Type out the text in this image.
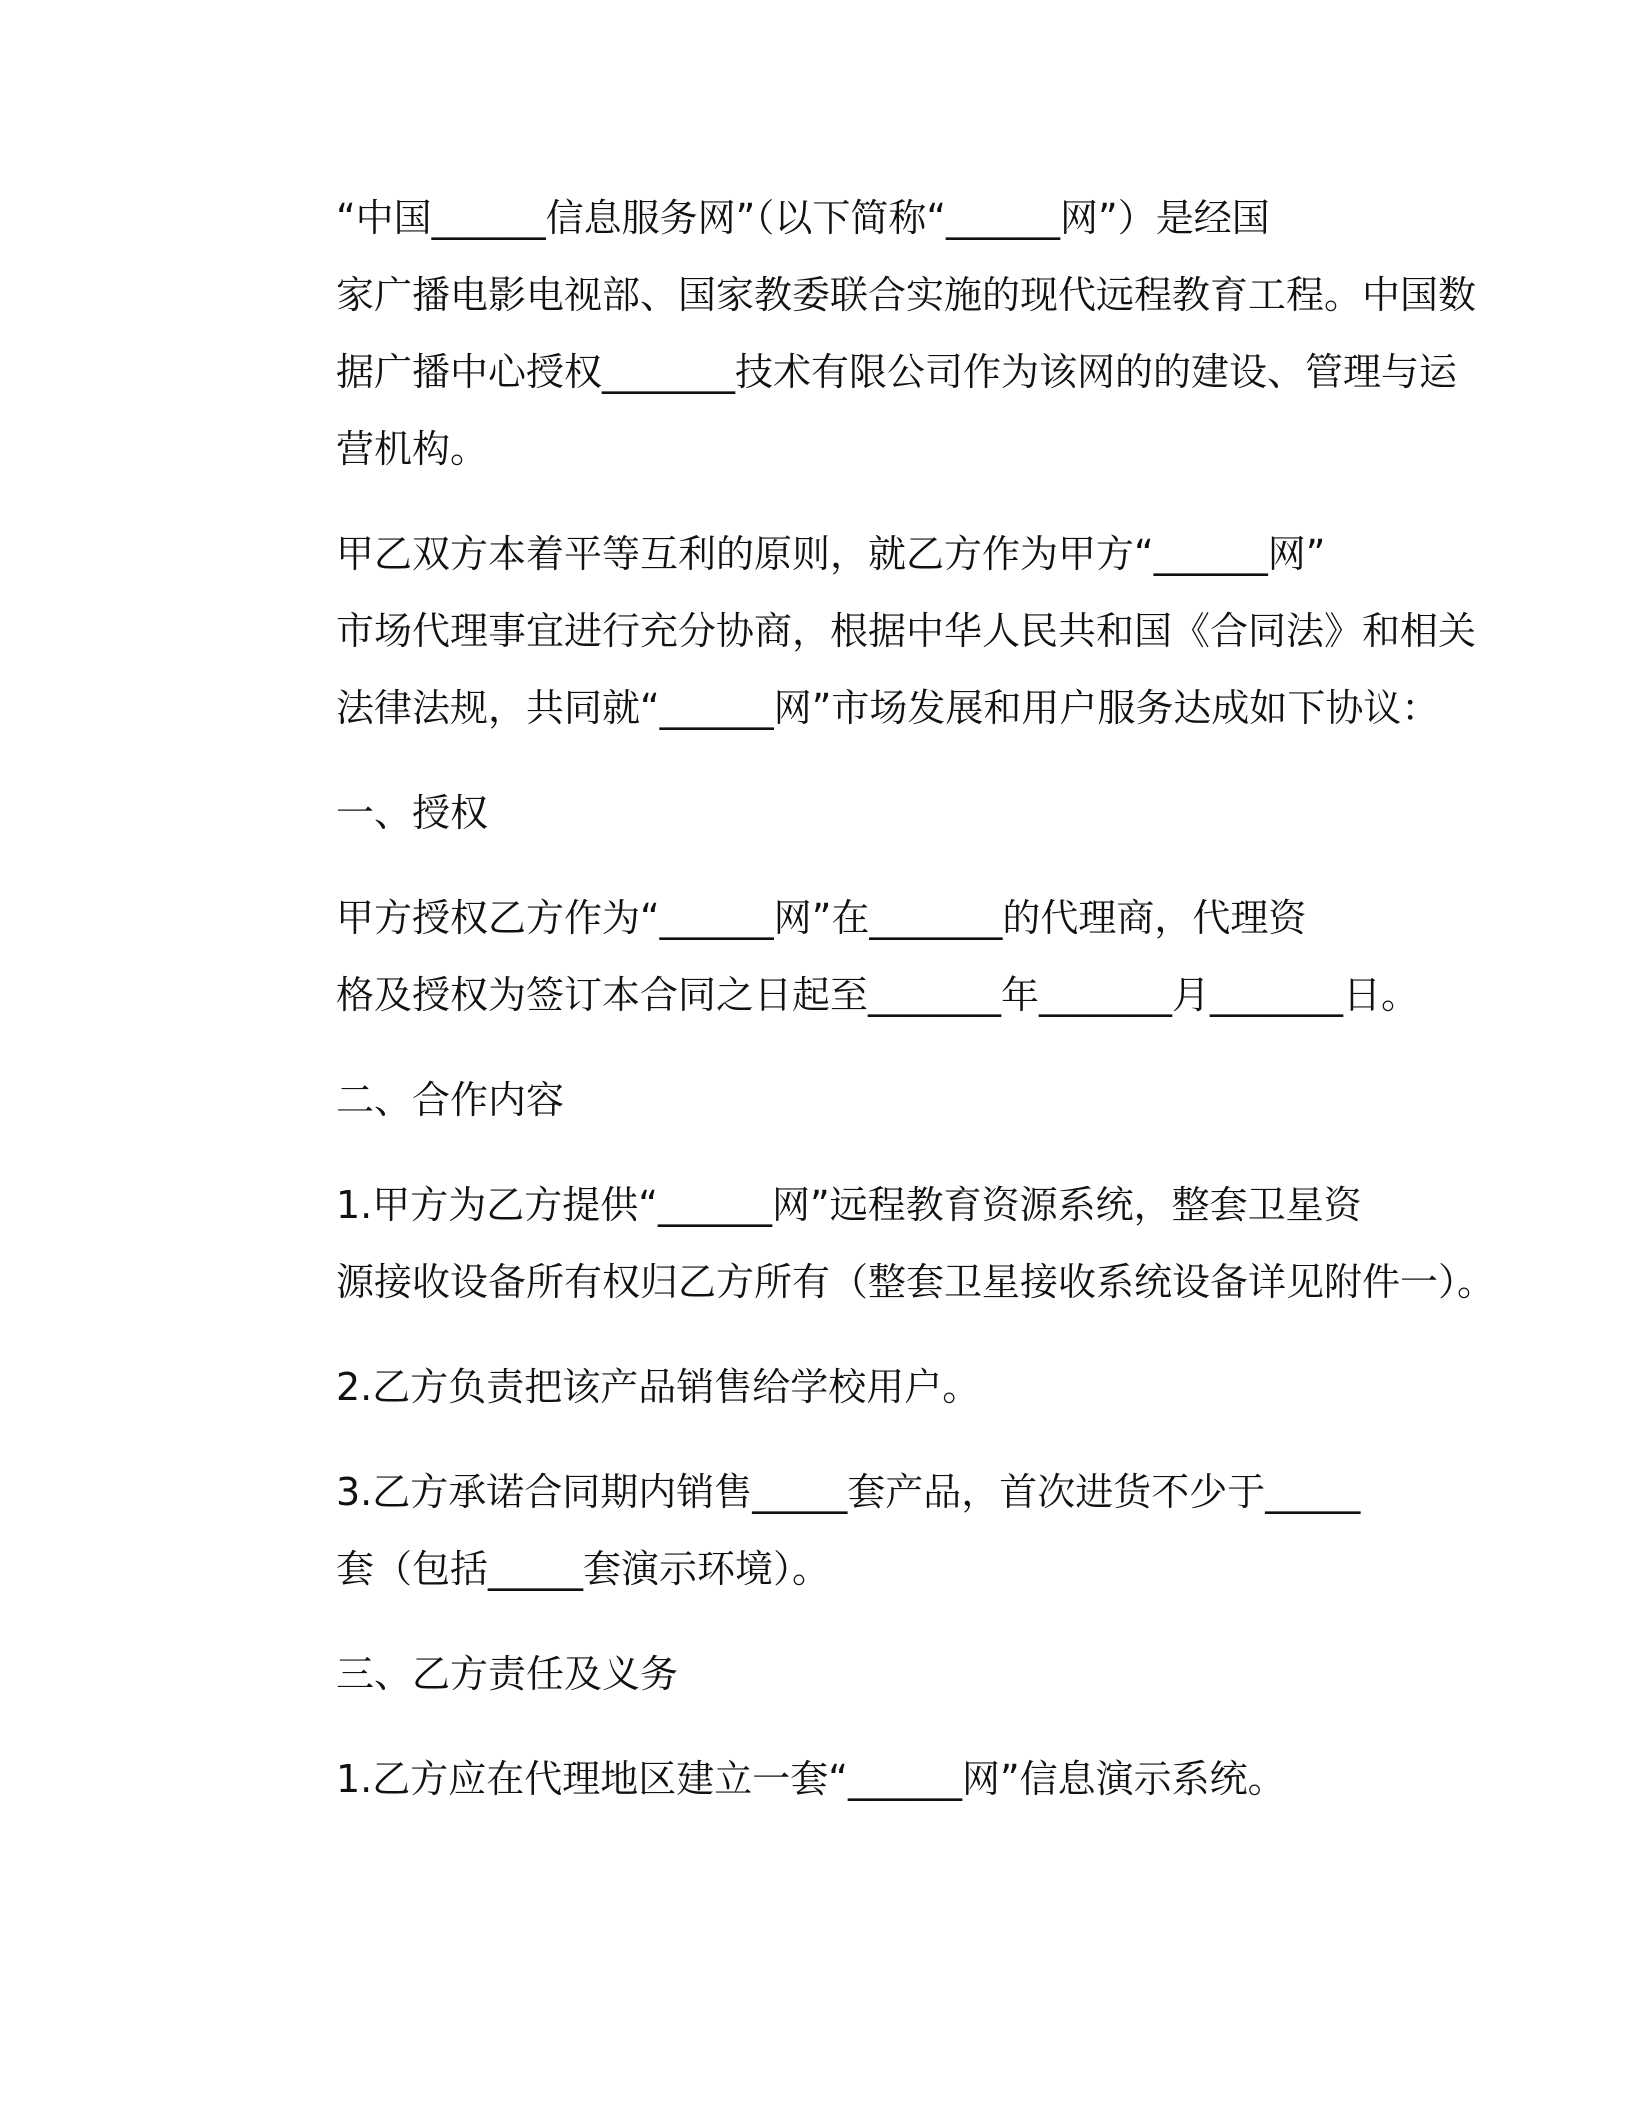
“中国______信息服务网”（以下简称“______网”）是经国
家广播电影电视部、国家教委联合实施的现代远程教育工程。中国数
据广播中心授权_______技术有限公司作为该网的的建设、管理与运
营机构。

甲乙双方本着平等互利的原则，就乙方作为甲方“______网”
市场代理事宜进行充分协商，根据中华人民共和国《合同法》和相关
法律法规，共同就“______网”市场发展和用户服务达成如下协议：

一、授权

甲方授权乙方作为“______网”在_______的代理商，代理资
格及授权为签订本合同之日起至_______年_______月_______日。

二、合作内容

1.甲方为乙方提供“______网”远程教育资源系统，整套卫星资
源接收设备所有权归乙方所有（整套卫星接收系统设备详见附件一）。

2.乙方负责把该产品销售给学校用户。

3.乙方承诺合同期内销售_____套产品，首次进货不少于_____
套（包括_____套演示环境）。

三、乙方责任及义务

1.乙方应在代理地区建立一套“______网”信息演示系统。
